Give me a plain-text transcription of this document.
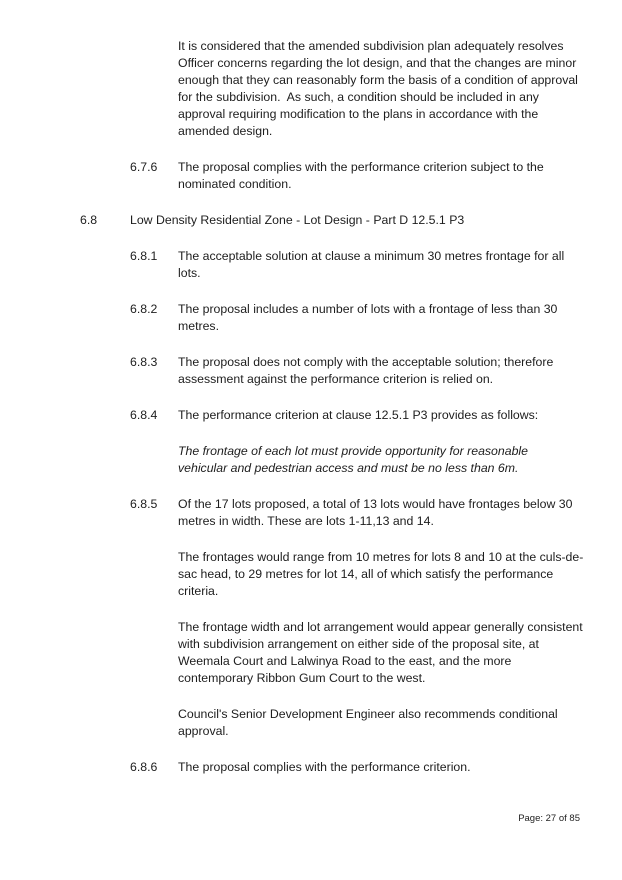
It is considered that the amended subdivision plan adequately resolves Officer concerns regarding the lot design, and that the changes are minor enough that they can reasonably form the basis of a condition of approval for the subdivision.  As such, a condition should be included in any approval requiring modification to the plans in accordance with the amended design.
6.7.6	The proposal complies with the performance criterion subject to the nominated condition.
6.8	Low Density Residential Zone - Lot Design - Part D 12.5.1 P3
6.8.1	The acceptable solution at clause a minimum 30 metres frontage for all lots.
6.8.2	The proposal includes a number of lots with a frontage of less than 30 metres.
6.8.3	The proposal does not comply with the acceptable solution; therefore assessment against the performance criterion is relied on.
6.8.4	The performance criterion at clause 12.5.1 P3 provides as follows:
The frontage of each lot must provide opportunity for reasonable vehicular and pedestrian access and must be no less than 6m.
6.8.5	Of the 17 lots proposed, a total of 13 lots would have frontages below 30 metres in width. These are lots 1-11,13 and 14.
The frontages would range from 10 metres for lots 8 and 10 at the culs-de-sac head, to 29 metres for lot 14, all of which satisfy the performance criteria.
The frontage width and lot arrangement would appear generally consistent with subdivision arrangement on either side of the proposal site, at Weemala Court and Lalwinya Road to the east, and the more contemporary Ribbon Gum Court to the west.
Council's Senior Development Engineer also recommends conditional approval.
6.8.6	The proposal complies with the performance criterion.
Page: 27 of 85
